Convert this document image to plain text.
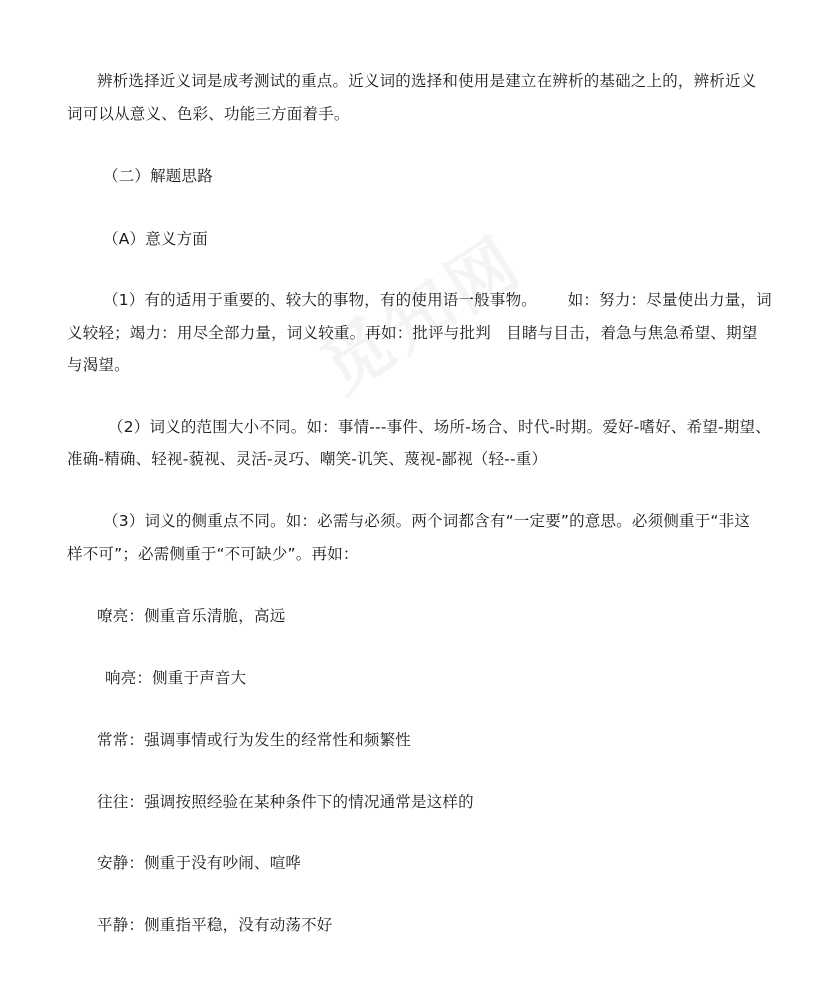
辨析选择近义词是成考测试的重点。近义词的选择和使用是建立在辨析的基础之上的，辨析近义
词可以从意义、色彩、功能三方面着手。
（二）解题思路
（A）意义方面
（1）有的适用于重要的、较大的事物，有的使用语一般事物。      如：努力：尽量使出力量，词
义较轻；竭力：用尽全部力量，词义较重。再如：批评与批判   目睹与目击，着急与焦急希望、期望
与渴望。
（2）词义的范围大小不同。如：事情---事件、场所-场合、时代-时期。爱好-嗜好、希望-期望、
准确-精确、轻视-藐视、灵活-灵巧、嘲笑-讥笑、蔑视-鄙视（轻--重）
（3）词义的侧重点不同。如：必需与必须。两个词都含有“一定要”的意思。必须侧重于“非这
样不可”；必需侧重于“不可缺少”。再如：
嘹亮：侧重音乐清脆，高远
响亮：侧重于声音大
常常：强调事情或行为发生的经常性和频繁性
往往：强调按照经验在某种条件下的情况通常是这样的
安静：侧重于没有吵闹、喧哗
平静：侧重指平稳，没有动荡不好
